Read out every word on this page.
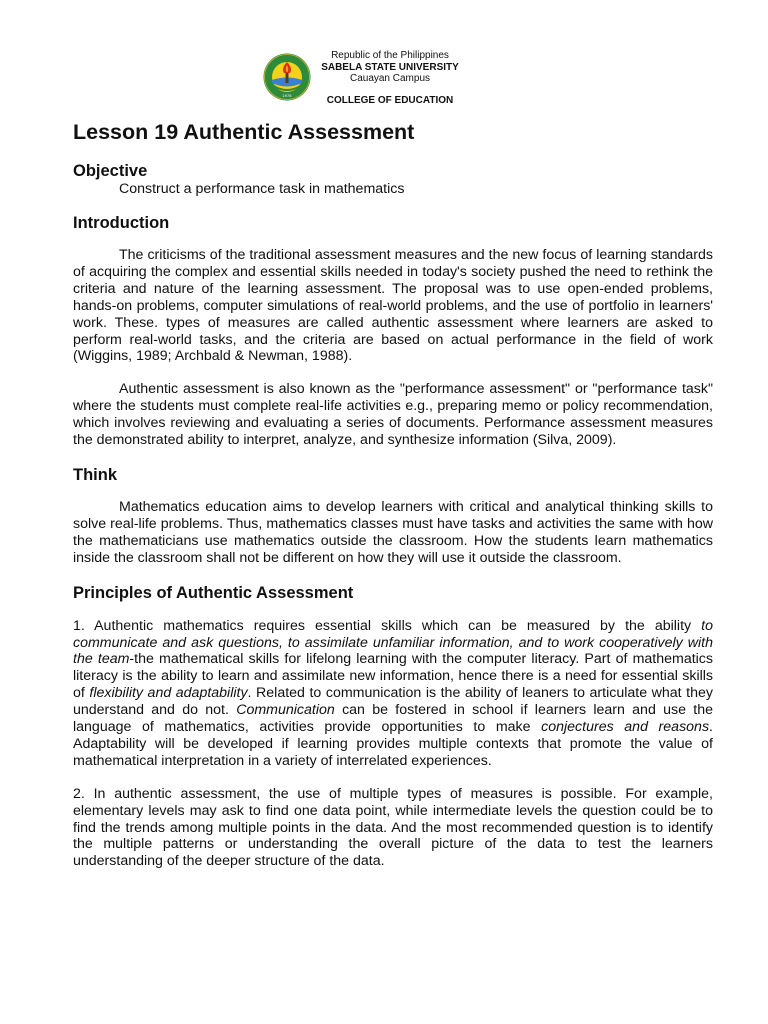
1978
Republic of the Philippines
SABELA STATE UNIVERSITY
Cauayan Campus
COLLEGE OF EDUCATION
Lesson 19 Authentic Assessment
Objective
Construct a performance task in mathematics
Introduction

The criticisms of the traditional assessment measures and the new focus of learning standards of acquiring the complex and essential skills needed in today's society pushed the need to rethink the criteria and nature of the learning assessment. The proposal was to use open-ended problems, hands-on problems, computer simulations of real-world problems, and the use of portfolio in learners' work. These. types of measures are called authentic assessment where learners are asked to perform real-world tasks, and the criteria are based on actual performance in the field of work (Wiggins, 1989; Archbald & Newman, 1988).

Authentic assessment is also known as the "performance assessment" or "performance task" where the students must complete real-life activities e.g., preparing memo or policy recommendation, which involves reviewing and evaluating a series of documents. Performance assessment measures the demonstrated ability to interpret, analyze, and synthesize information (Silva, 2009).

Think

Mathematics education aims to develop learners with critical and analytical thinking skills to solve real-life problems. Thus, mathematics classes must have tasks and activities the same with how the mathematicians use mathematics outside the classroom. How the students learn mathematics inside the classroom shall not be different on how they will use it outside the classroom.

Principles of Authentic Assessment

1. Authentic mathematics requires essential skills which can be measured by the ability to communicate and ask questions, to assimilate unfamiliar information, and to work cooperatively with the team-the mathematical skills for lifelong learning with the computer literacy. Part of mathematics literacy is the ability to learn and assimilate new information, hence there is a need for essential skills of flexibility and adaptability. Related to communication is the ability of leaners to articulate what they understand and do not. Communication can be fostered in school if learners learn and use the language of mathematics, activities provide opportunities to make conjectures and reasons. Adaptability will be developed if learning provides multiple contexts that promote the value of mathematical interpretation in a variety of interrelated experiences.

2. In authentic assessment, the use of multiple types of measures is possible. For example, elementary levels may ask to find one data point, while intermediate levels the question could be to find the trends among multiple points in the data. And the most recommended question is to identify the multiple patterns or understanding the overall picture of the data to test the learners understanding of the deeper structure of the data.
